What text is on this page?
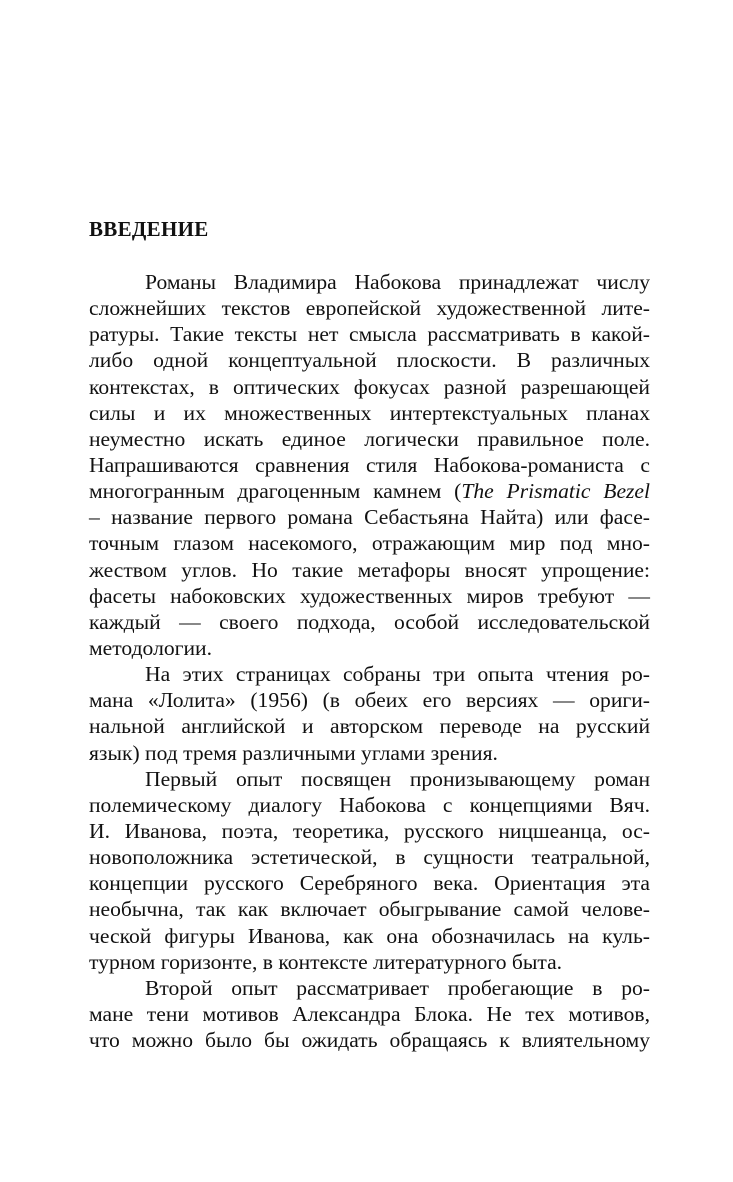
ВВЕДЕНИЕ
Романы Владимира Набокова принадлежат числу
сложнейших текстов европейской художественной лите-
ратуры. Такие тексты нет смысла рассматривать в какой-
либо одной концептуальной плоскости. В различных
контекстах, в оптических фокусах разной разрешающей
силы и их множественных интертекстуальных планах
неуместно искать единое логически правильное поле.
Напрашиваются сравнения стиля Набокова-романиста с
многогранным драгоценным камнем (The Prismatic Bezel
– название первого романа Себастьяна Найта) или фасе-
точным глазом насекомого, отражающим мир под мно-
жеством углов. Но такие метафоры вносят упрощение:
фасеты набоковских художественных миров требуют —
каждый — своего подхода, особой исследовательской
методологии.
На этих страницах собраны три опыта чтения ро-
мана «Лолита» (1956) (в обеих его версиях — ориги-
нальной английской и авторском переводе на русский
язык) под тремя различными углами зрения.
Первый опыт посвящен пронизывающему роман
полемическому диалогу Набокова с концепциями Вяч.
И. Иванова, поэта, теоретика, русского ницшеанца, ос-
новоположника эстетической, в сущности театральной,
концепции русского Серебряного века. Ориентация эта
необычна, так как включает обыгрывание самой челове-
ческой фигуры Иванова, как она обозначилась на куль-
турном горизонте, в контексте литературного быта.
Второй опыт рассматривает пробегающие в ро-
мане тени мотивов Александра Блока. Не тех мотивов,
что можно было бы ожидать обращаясь к влиятельному
